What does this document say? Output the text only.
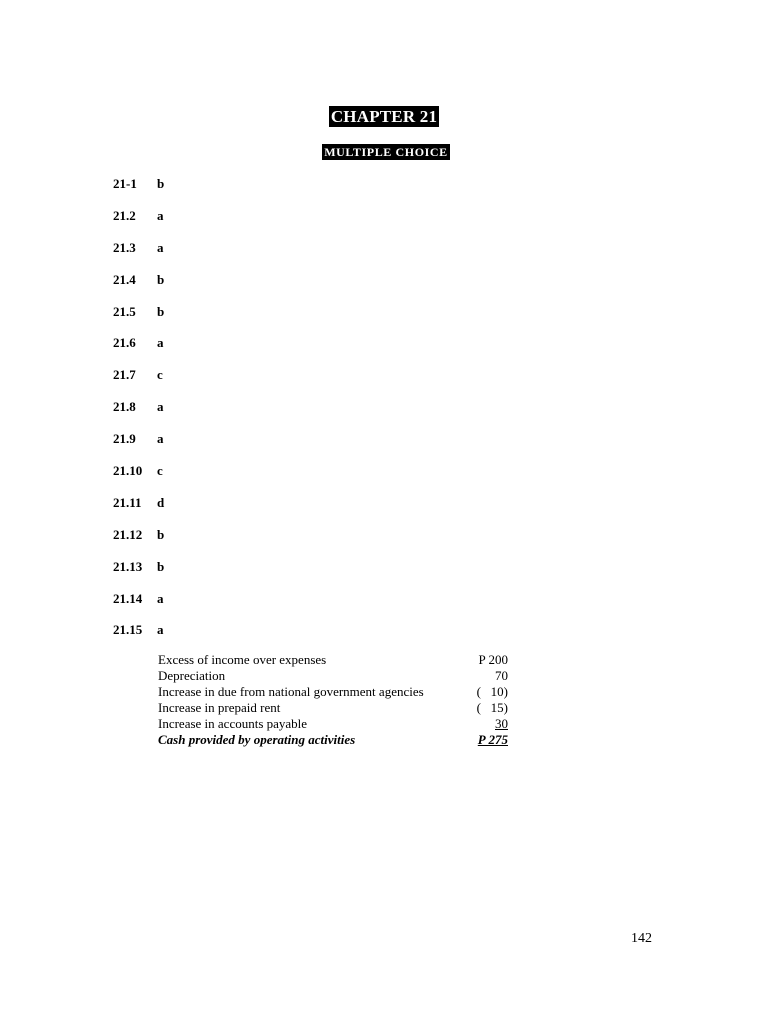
CHAPTER 21
MULTIPLE CHOICE
21-1	b
21.2	a
21.3	a
21.4	b
21.5	b
21.6	a
21.7	c
21.8	a
21.9	a
21.10	c
21.11	d
21.12	b
21.13	b
21.14	a
21.15	a
Excess of income over expenses	P 200
Depreciation	70
Increase in due from national government agencies	(   10)
Increase in prepaid rent	(   15)
Increase in accounts payable	30
Cash provided by operating activities	P 275
142
